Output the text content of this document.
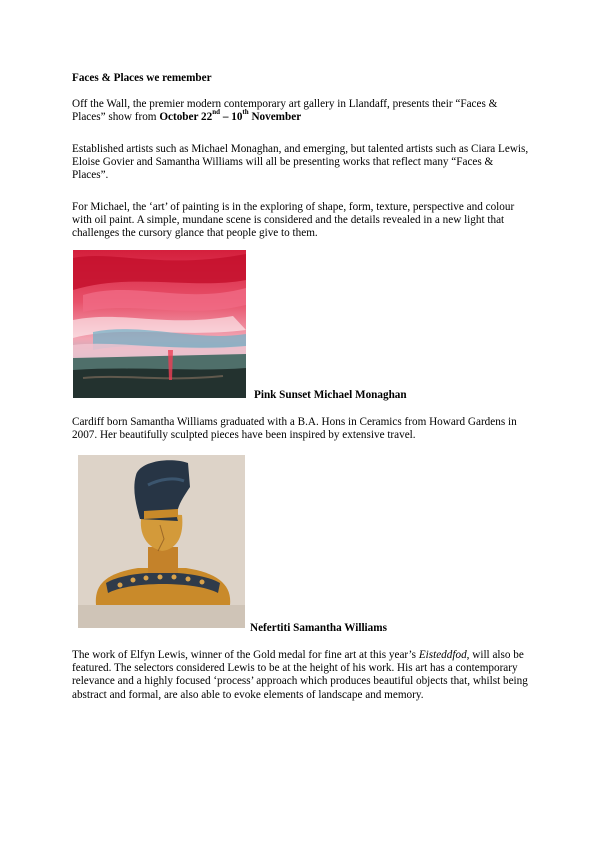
Faces & Places we remember

Off the Wall, the premier modern contemporary art gallery in Llandaff, presents their “Faces & Places” show from October 22nd – 10th November

Established artists such as Michael Monaghan, and emerging, but talented artists such as Ciara Lewis, Eloise Govier and Samantha Williams will all be presenting works that reflect many “Faces & Places”.

For Michael, the ‘art’ of painting is in the exploring of shape, form, texture, perspective and colour with oil paint. A simple, mundane scene is considered and the details revealed in a new light that challenges the cursory glance that people give to them.

Pink Sunset Michael Monaghan

Cardiff born Samantha Williams graduated with a B.A. Hons in Ceramics from Howard Gardens in 2007. Her beautifully sculpted pieces have been inspired by extensive travel.

Nefertiti Samantha Williams

The work of Elfyn Lewis, winner of the Gold medal for fine art at this year’s Eisteddfod, will also be featured. The selectors considered Lewis to be at the height of his work. His art has a contemporary relevance and a highly focused ‘process’ approach which produces beautiful objects that, whilst being abstract and formal, are also able to evoke elements of landscape and memory.
